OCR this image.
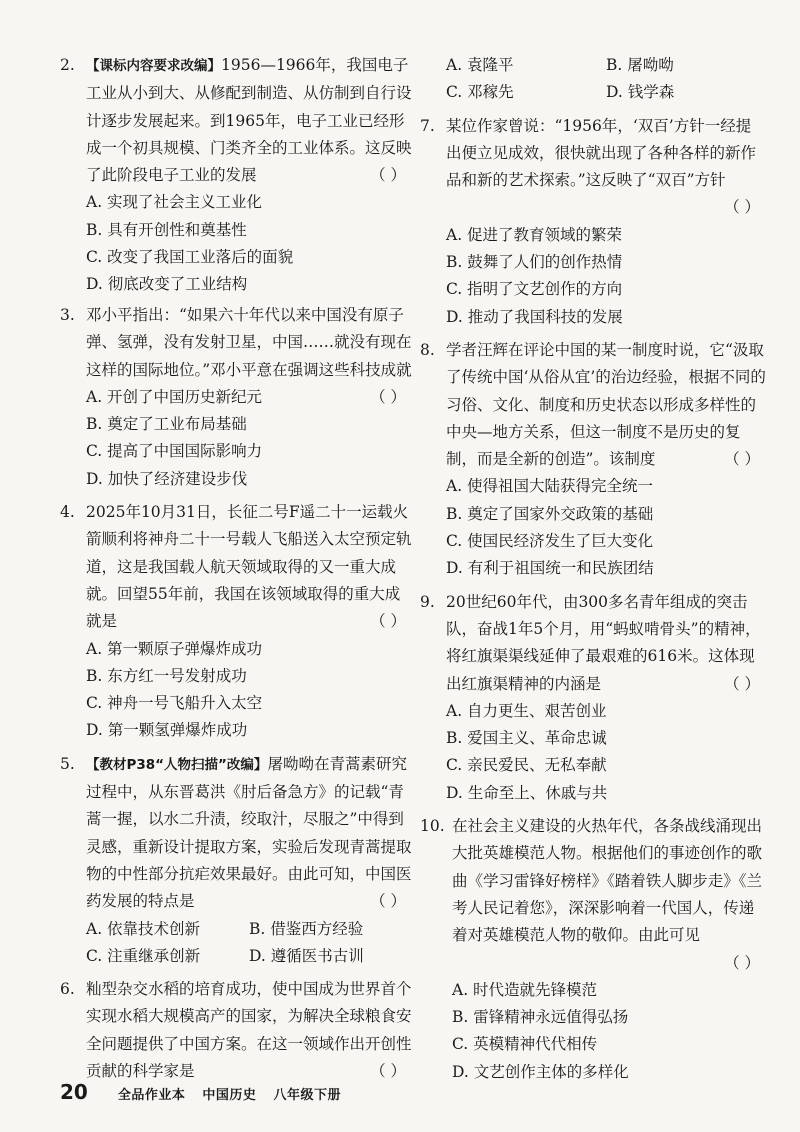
2. 【课标内容要求改编】1956—1966年，我国电子工业从小到大、从修配到制造、从仿制到自行设计逐步发展起来。到1965年，电子工业已经形成一个初具规模、门类齐全的工业体系。这反映了此阶段电子工业的发展	（ ）
A. 实现了社会主义工业化
B. 具有开创性和奠基性
C. 改变了我国工业落后的面貌
D. 彻底改变了工业结构
3. 邓小平指出：“如果六十年代以来中国没有原子弹、氢弹，没有发射卫星，中国……就没有现在这样的国际地位。”邓小平意在强调这些科技成就
（ ）
A. 开创了中国历史新纪元
B. 奠定了工业布局基础
C. 提高了中国国际影响力
D. 加快了经济建设步伐
4. 2025年10月31日，长征二号F遥二十一运载火箭顺利将神舟二十一号载人飞船送入太空预定轨道，这是我国载人航天领域取得的又一重大成就。回望55年前，我国在该领域取得的重大成就是	（ ）
A. 第一颗原子弹爆炸成功
B. 东方红一号发射成功
C. 神舟一号飞船升入太空
D. 第一颗氢弹爆炸成功
5. 【教材P38“人物扫描”改编】屠呦呦在青蒿素研究过程中，从东晋葛洪《肘后备急方》的记载“青蒿一握，以水二升渍，绞取汁，尽服之”中得到灵感，重新设计提取方案，实验后发现青蒿提取物的中性部分抗疟效果最好。由此可知，中国医药发展的特点是	（ ）
A. 依靠技术创新	B. 借鉴西方经验
C. 注重继承创新	D. 遵循医书古训
6. 籼型杂交水稻的培育成功，使中国成为世界首个实现水稻大规模高产的国家，为解决全球粮食安全问题提供了中国方案。在这一领域作出开创性贡献的科学家是	（ ）
A. 袁隆平	B. 屠呦呦
C. 邓稼先	D. 钱学森
7. 某位作家曾说：“1956年，‘双百’方针一经提出便立见成效，很快就出现了各种各样的新作品和新的艺术探索。”这反映了“双百”方针
（ ）
A. 促进了教育领域的繁荣
B. 鼓舞了人们的创作热情
C. 指明了文艺创作的方向
D. 推动了我国科技的发展
8. 学者汪辉在评论中国的某一制度时说，它“汲取了传统中国‘从俗从宜’的治边经验，根据不同的习俗、文化、制度和历史状态以形成多样性的中央—地方关系，但这一制度不是历史的复制，而是全新的创造”。该制度	（ ）
A. 使得祖国大陆获得完全统一
B. 奠定了国家外交政策的基础
C. 使国民经济发生了巨大变化
D. 有利于祖国统一和民族团结
9. 20世纪60年代，由300多名青年组成的突击队，奋战1年5个月，用“蚂蚁啃骨头”的精神，将红旗渠渠线延伸了最艰难的616米。这体现出红旗渠精神的内涵是	（ ）
A. 自力更生、艰苦创业
B. 爱国主义、革命忠诚
C. 亲民爱民、无私奉献
D. 生命至上、休戚与共
10. 在社会主义建设的火热年代，各条战线涌现出大批英雄模范人物。根据他们的事迹创作的歌曲《学习雷锋好榜样》《踏着铁人脚步走》《兰考人民记着您》，深深影响着一代国人，传递着对英雄模范人物的敬仰。由此可见
（ ）
A. 时代造就先锋模范
B. 雷锋精神永远值得弘扬
C. 英模精神代代相传
D. 文艺创作主体的多样化
20 全品作业本 中国历史 八年级下册
